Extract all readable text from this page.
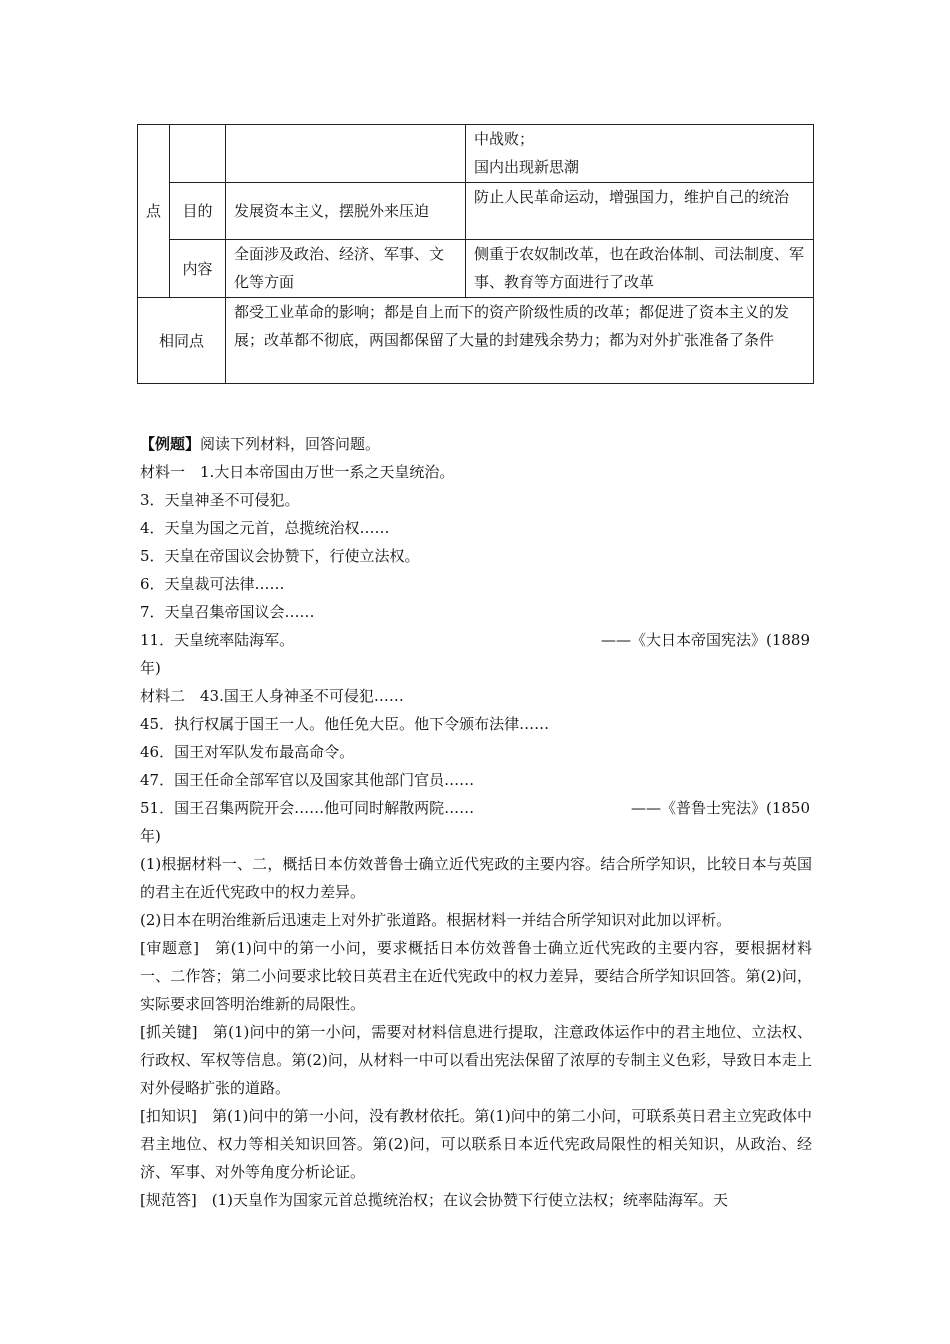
点			中战败；
国内出现新思潮

	目的	发展资本主义，摆脱外来压迫	防止人民革命运动，增强国力，维护自己的统治
	内容	全面涉及政治、经济、军事、文化等方面	侧重于农奴制改革，也在政治体制、司法制度、军事、教育等方面进行了改革
相同点		都受工业革命的影响；都是自上而下的资产阶级性质的改革；都促进了资本主义的发展；改革都不彻底，两国都保留了大量的封建残余势力；都为对外扩张准备了条件	
【例题】阅读下列材料，回答问题。
材料一　1.大日本帝国由万世一系之天皇统治。
3．天皇神圣不可侵犯。
4．天皇为国之元首，总揽统治权……
5．天皇在帝国议会协赞下，行使立法权。
6．天皇裁可法律……
7．天皇召集帝国议会……
11．天皇统率陆海军。	——《大日本帝国宪法》(1889
年)
材料二　43.国王人身神圣不可侵犯……
45．执行权属于国王一人。他任免大臣。他下令颁布法律……
46．国王对军队发布最高命令。
47．国王任命全部军官以及国家其他部门官员……
51．国王召集两院开会……他可同时解散两院……	——《普鲁士宪法》(1850
年)
(1)根据材料一、二，概括日本仿效普鲁士确立近代宪政的主要内容。结合所学知识，比较日本与英国的君主在近代宪政中的权力差异。
(2)日本在明治维新后迅速走上对外扩张道路。根据材料一并结合所学知识对此加以评析。
[审题意]　第(1)问中的第一小问，要求概括日本仿效普鲁士确立近代宪政的主要内容，要根据材料一、二作答；第二小问要求比较日英君主在近代宪政中的权力差异，要结合所学知识回答。第(2)问，实际要求回答明治维新的局限性。
[抓关键]　第(1)问中的第一小问，需要对材料信息进行提取，注意政体运作中的君主地位、立法权、行政权、军权等信息。第(2)问，从材料一中可以看出宪法保留了浓厚的专制主义色彩，导致日本走上对外侵略扩张的道路。
[扣知识]　第(1)问中的第一小问，没有教材依托。第(1)问中的第二小问，可联系英日君主立宪政体中君主地位、权力等相关知识回答。第(2)问，可以联系日本近代宪政局限性的相关知识，从政治、经济、军事、对外等角度分析论证。
[规范答]　(1)天皇作为国家元首总揽统治权；在议会协赞下行使立法权；统率陆海军。天
